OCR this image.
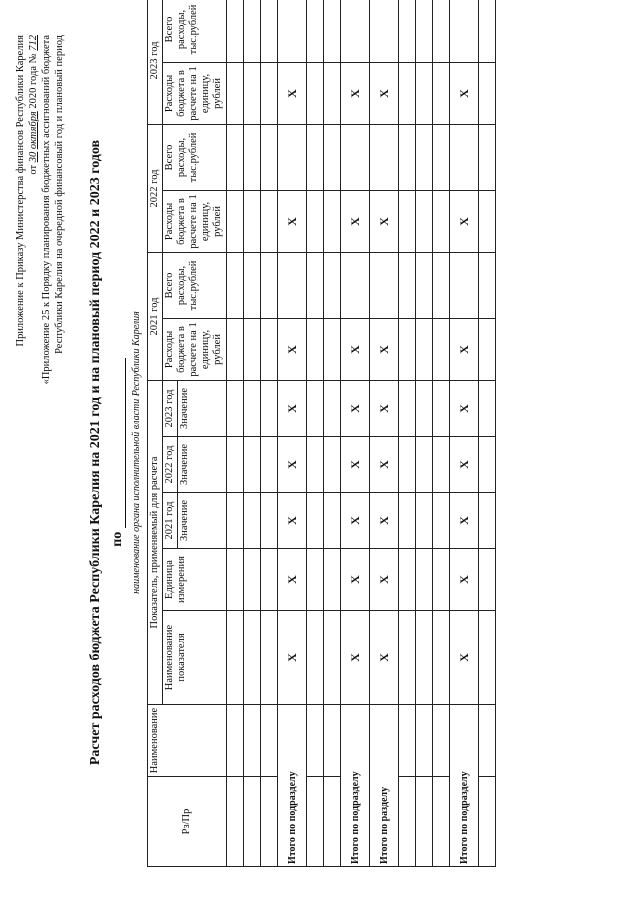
Приложение к Приказу Министерства финансов Республики Карелия от 30 октября 2020 года № 712 «Приложение 25 к Порядку планирования бюджетных ассигнований бюджета Республики Карелия на очередной финансовый год и плановый период Расчет расходов бюджета Республики Карелия на 2021 год и на плановый период 2022 и 2023 годов по наименование органа исполнительной власти Республики Карелия
Рз/Пр	Наименование	Показатель, применяемый для расчета					2021 год		2022 год		2023 год	
		Наименование показателя	Единица измерения	2021 год	2022 год	2023 год	Расходы бюджета в расчете на 1 единицу, рублей	Всего расходы, тыс.рублей	Расходы бюджета в расчете на 1 единицу, рублей	Всего расходы, тыс.рублей	Расходы бюджета в расчете на 1 единицу, рублей	Всего расходы, тыс.рублей
				Значение	Значение	Значение						

Итого по подразделу		X	X	X	X	X	X		X		X	

Итого по подразделу		X	X	X	X	X	X		X		X	
Итого по разделу		X	X	X	X	X	X		X		X	

Итого по подразделу		X	X	X	X	X	X		X		X	
